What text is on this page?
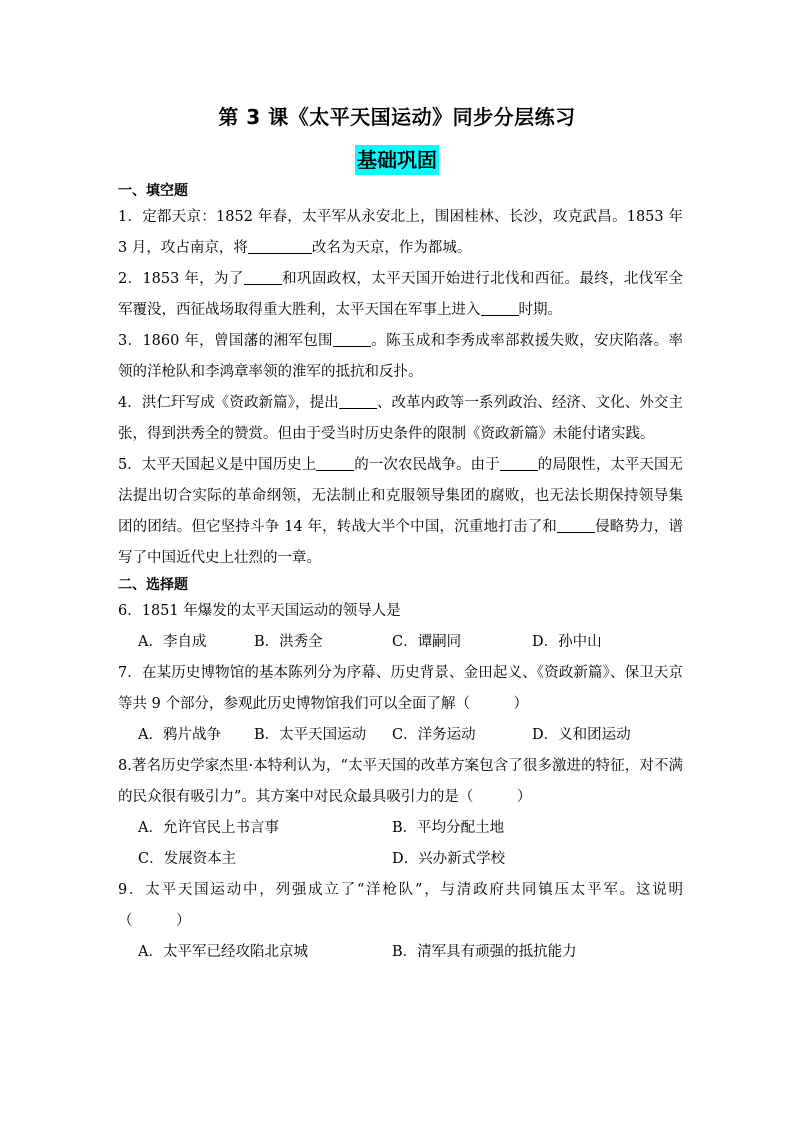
第 3 课《太平天国运动》同步分层练习
基础巩固
一、填空题

1．定都天京：1852 年春，太平军从永安北上，围困桂林、长沙，攻克武昌。1853 年 3 月，攻占南京，将	改名为天京，作为都城。

2．1853 年，为了	和巩固政权，太平天国开始进行北伐和西征。最终，北伐军全军覆没，西征战场取得重大胜利，太平天国在军事上进入	时期。

3．1860 年，曾国藩的湘军包围	。陈玉成和李秀成率部救援失败，安庆陷落。率领的洋枪队和李鸿章率领的淮军的抵抗和反扑。

4．洪仁玕写成《资政新篇》，提出	、改革内政等一系列政治、经济、文化、外交主张，得到洪秀全的赞赏。但由于受当时历史条件的限制《资政新篇》未能付诸实践。

5．太平天国起义是中国历史上	的一次农民战争。由于	的局限性，太平天国无法提出切合实际的革命纲领，无法制止和克服领导集团的腐败，也无法长期保持领导集团的团结。但它坚持斗争 14 年，转战大半个中国，沉重地打击了和	侵略势力，谱写了中国近代史上壮烈的一章。

二、选择题

6．1851 年爆发的太平天国运动的领导人是

A．李自成	B．洪秀全	C．谭嗣同	D．孙中山

7．在某历史博物馆的基本陈列分为序幕、历史背景、金田起义、《资政新篇》、保卫天京等共 9 个部分，参观此历史博物馆我们可以全面了解（　　　）

A．鸦片战争	B．太平天国运动	C．洋务运动	D．义和团运动

8.著名历史学家杰里·本特利认为，“太平天国的改革方案包含了很多激进的特征，对不满的民众很有吸引力”。其方案中对民众最具吸引力的是（　　　）

A．允许官民上书言事	B．平均分配土地
C．发展资本主	D．兴办新式学校

9．太平天国运动中，列强成立了“洋枪队”，与清政府共同镇压太平军。这说明（　　　）

A．太平军已经攻陷北京城	B．清军具有顽强的抵抗能力
